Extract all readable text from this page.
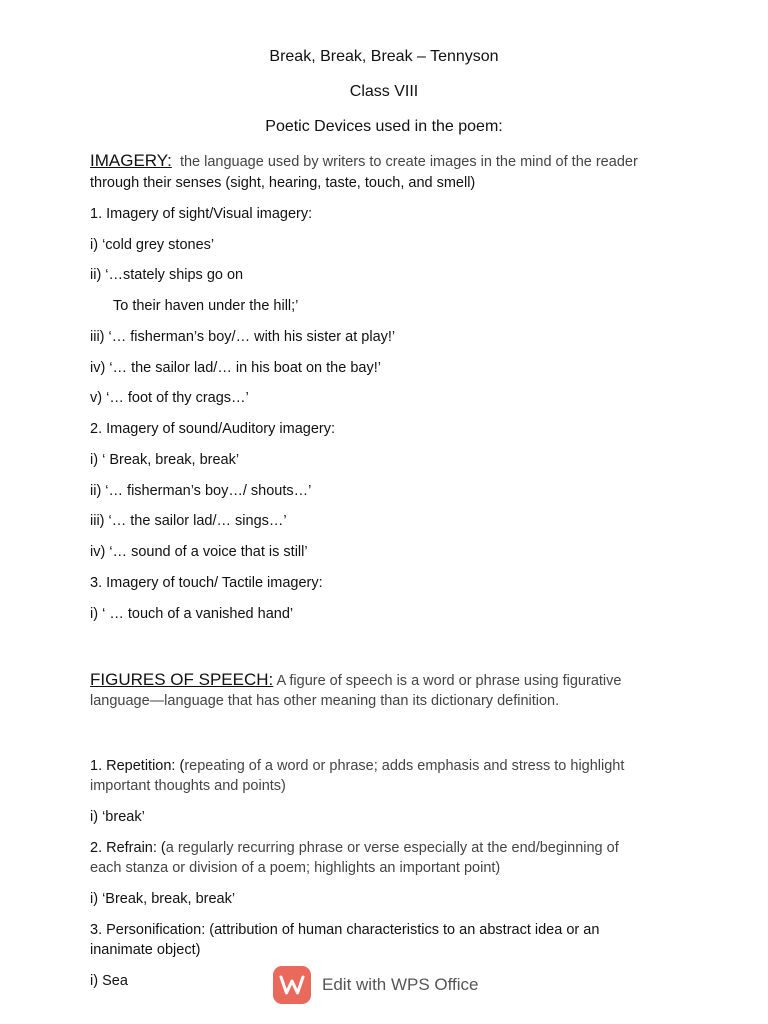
Break, Break, Break – Tennyson
Class VIII
Poetic Devices used in the poem:
IMAGERY: the language used by writers to create images in the mind of the reader
through their senses (sight, hearing, taste, touch, and smell)
1. Imagery of sight/Visual imagery:
i) ‘cold grey stones’
ii) ‘…stately ships go on
To their haven under the hill;’
iii) ‘… fisherman’s boy/… with his sister at play!’
iv) ‘… the sailor lad/… in his boat on the bay!’
v) ‘… foot of thy crags…’
2. Imagery of sound/Auditory imagery:
i) ‘ Break, break, break’
ii) ‘… fisherman’s boy…/ shouts…’
iii) ‘… the sailor lad/… sings…’
iv) ‘… sound of a voice that is still’
3. Imagery of touch/ Tactile imagery:
i) ‘ … touch of a vanished hand’
FIGURES OF SPEECH: A figure of speech is a word or phrase using figurative
language—language that has other meaning than its dictionary definition.
1. Repetition: (repeating of a word or phrase; adds emphasis and stress to highlight
important thoughts and points)
i) ‘break’
2. Refrain: (a regularly recurring phrase or verse especially at the end/beginning of
each stanza or division of a poem; highlights an important point)
i) ‘Break, break, break’
3. Personification: (attribution of human characteristics to an abstract idea or an
inanimate object)
i) Sea	Edit with WPS Office
